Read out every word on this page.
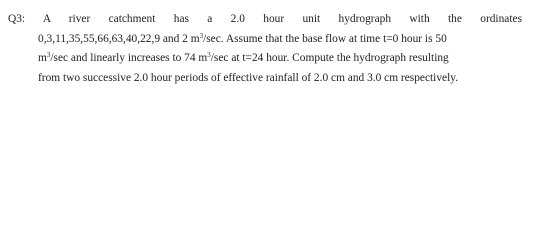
Q3: A river catchment has a 2.0 hour unit hydrograph with the ordinates
0,3,11,35,55,66,63,40,22,9 and 2 $m^3/\sec$. Assume that the base flow at time t=0 hour is 50
$m^3/\sec$ and linearly increases to 74 $m^3/\sec$ at t=24 hour. Compute the hydrograph resulting
from two successive 2.0 hour periods of effective rainfall of 2.0 cm and 3.0 cm respectively.
